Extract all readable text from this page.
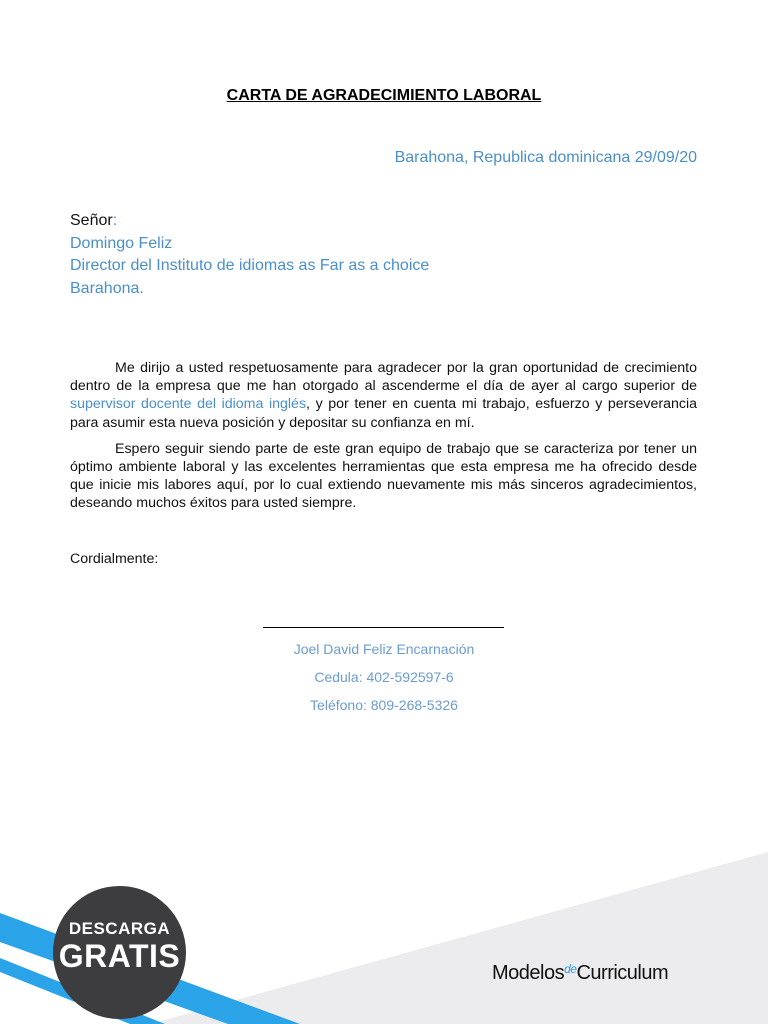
CARTA DE AGRADECIMIENTO LABORAL
Barahona, Republica dominicana 29/09/20
Señor:
Domingo Feliz
Director del Instituto de idiomas as Far as a choice
Barahona.

Me dirijo a usted respetuosamente para agradecer por la gran oportunidad de crecimiento dentro de la empresa que me han otorgado al ascenderme el día de ayer al cargo superior de supervisor docente del idioma inglés, y por tener en cuenta mi trabajo, esfuerzo y perseverancia para asumir esta nueva posición y depositar su confianza en mí.

Espero seguir siendo parte de este gran equipo de trabajo que se caracteriza por tener un óptimo ambiente laboral y las excelentes herramientas que esta empresa me ha ofrecido desde que inicie mis labores aquí, por lo cual extiendo nuevamente mis más sinceros agradecimientos, deseando muchos éxitos para usted siempre.

Cordialmente:
Joel David Feliz Encarnación
Cedula: 402-592597-6
Teléfono: 809-268-5326
DESCARGA
GRATIS	Modelos$^{de}$Curriculum
